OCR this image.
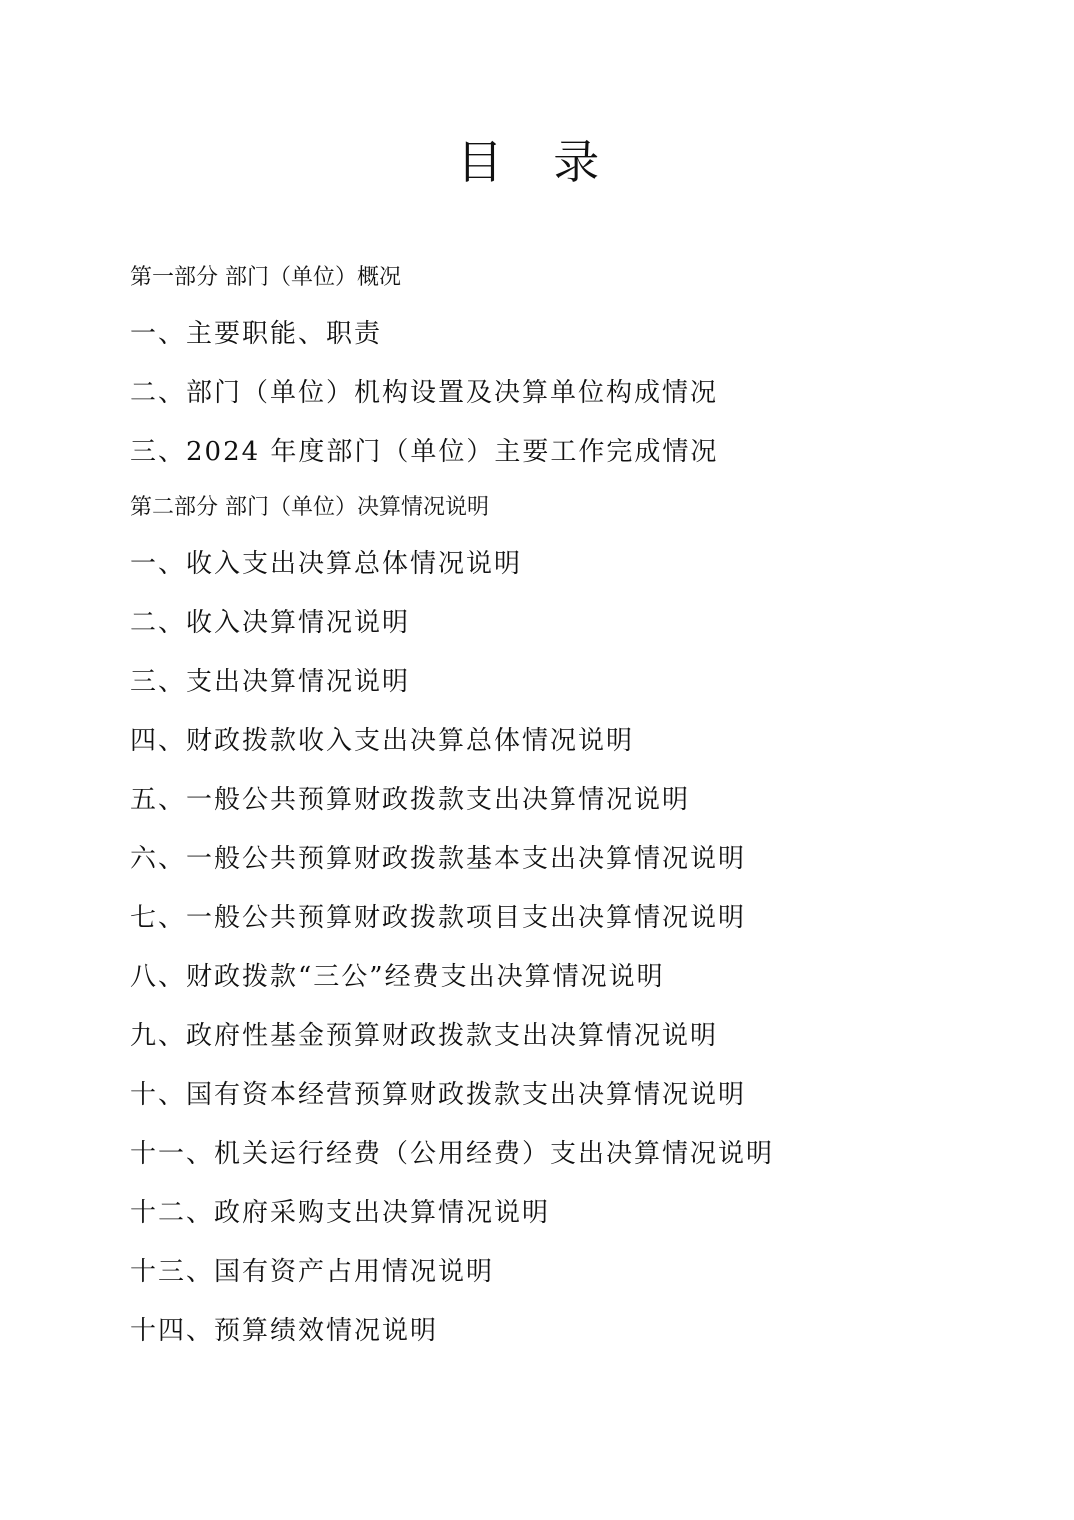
目 录
第一部分 部门（单位）概况
一、主要职能、职责
二、部门（单位）机构设置及决算单位构成情况
三、2024 年度部门（单位）主要工作完成情况
第二部分 部门（单位）决算情况说明
一、收入支出决算总体情况说明
二、收入决算情况说明
三、支出决算情况说明
四、财政拨款收入支出决算总体情况说明
五、一般公共预算财政拨款支出决算情况说明
六、一般公共预算财政拨款基本支出决算情况说明
七、一般公共预算财政拨款项目支出决算情况说明
八、财政拨款“三公”经费支出决算情况说明
九、政府性基金预算财政拨款支出决算情况说明
十、国有资本经营预算财政拨款支出决算情况说明
十一、机关运行经费（公用经费）支出决算情况说明
十二、政府采购支出决算情况说明
十三、国有资产占用情况说明
十四、预算绩效情况说明
